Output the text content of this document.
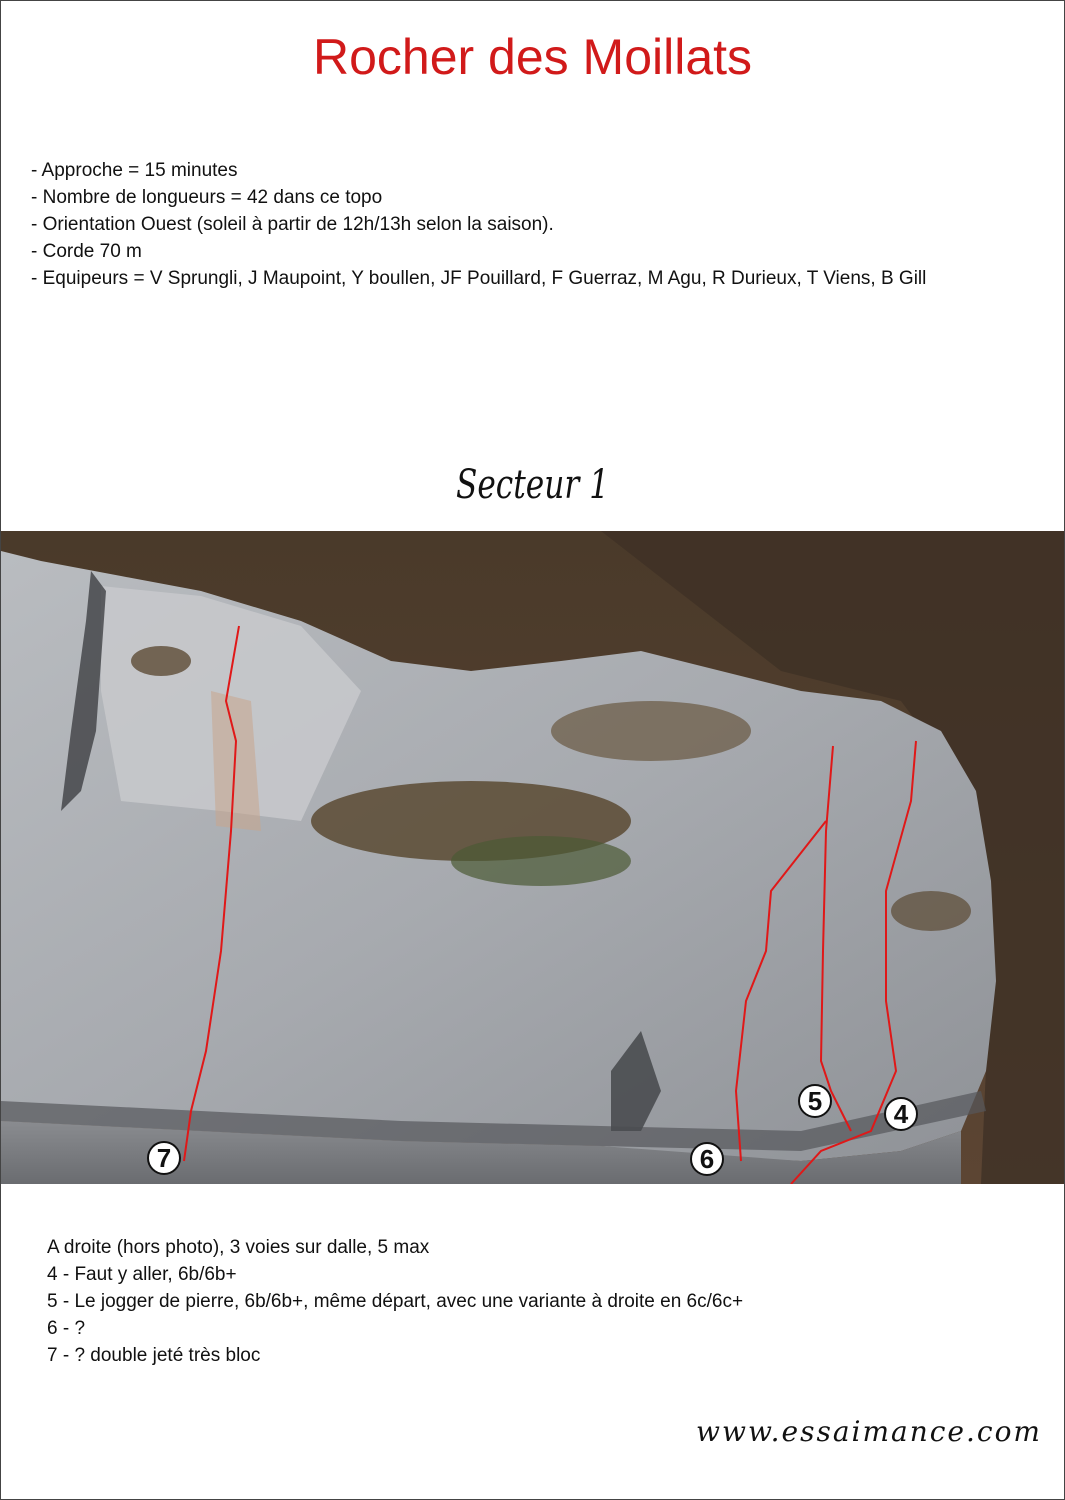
Rocher des Moillats
- Approche = 15 minutes
- Nombre de longueurs = 42 dans ce topo
- Orientation Ouest (soleil à partir de 12h/13h selon la saison).
- Corde 70 m
- Equipeurs = V Sprungli, J Maupoint, Y boullen, JF Pouillard, F Guerraz, M Agu, R Durieux, T Viens, B Gill
Secteur 1
7	6
5	4
A droite (hors photo), 3 voies sur dalle, 5 max
4 - Faut y aller, 6b/6b+
5 - Le jogger de pierre, 6b/6b+, même départ, avec une variante à droite en 6c/6c+
6 - ?
7 - ? double jeté très bloc

www.essaimance.com
